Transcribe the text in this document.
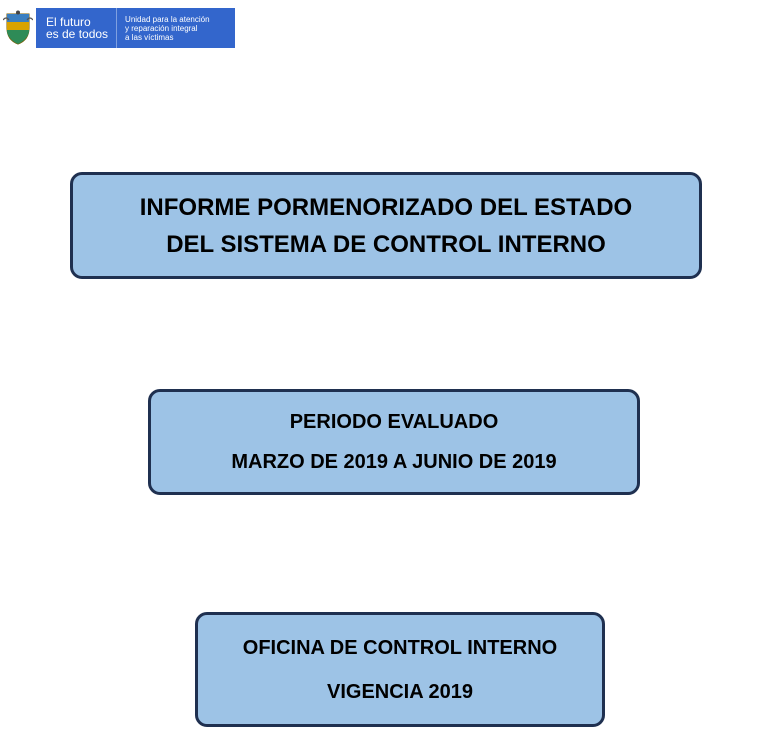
El futuro
es de todos
Unidad para la atención
y reparación integral
a las víctimas
INFORME PORMENORIZADO DEL ESTADO
DEL SISTEMA DE CONTROL INTERNO
PERIODO EVALUADO
MARZO DE 2019 A JUNIO DE 2019
OFICINA DE CONTROL INTERNO
VIGENCIA 2019
